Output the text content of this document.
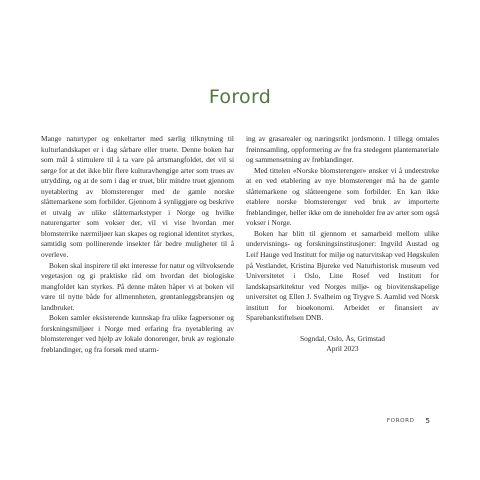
Forord

Mange naturtyper og enkeltarter med særlig tilknytning til kulturlandskapet er i dag sårbare eller truete. Denne boken har som mål å stimulere til å ta vare på artsmangfoldet, det vil si sørge for at det ikke blir flere kulturavhengige arter som trues av utrydding, og at de som i dag er truet, blir mindre truet gjennom nyetablering av blomsterenger med de gamle norske slåttemarkene som forbilder. Gjennom å synliggjøre og beskrive et utvalg av ulike slåttemarkstyper i Norge og hvilke naturengarter som vokser der, vil vi vise hvordan mer blomsterrike nærmiljøer kan skapes og regional identitet styrkes, samtidig som pollinerende insekter får bedre muligheter til å overleve.

Boken skal inspirere til økt interesse for natur og viltvoksende vegetasjon og gi praktiske råd om hvordan det biologiske mangfoldet kan styrkes. På denne måten håper vi at boken vil være til nytte både for allmennheten, grøntanleggsbransjen og landbruket.

Boken samler eksisterende kunnskap fra ulike fagpersoner og forskningsmiljøer i Norge med erfaring fra nyetablering av blomsterenger ved hjelp av lokale donorenger, bruk av regionale frøblandinger, og fra forsøk med utarm-

ing av grasarealer og næringsrikt jordsmonn. I tillegg omtales frøinnsamling, oppformering av frø fra stedegent plantemateriale og sammensetning av frøblandinger.

Med tittelen «Norske blomsterenger» ønsker vi å understreke at en ved etablering av nye blomsterenger må ha de gamle slåttemarkene og slåtteengene som forbilder. En kan ikke etablere norske blomsterenger ved bruk av importerte frøblandinger, heller ikke om de inneholder frø av arter som også vokser i Norge.

Boken har blitt til gjennom et samarbeid mellom ulike undervisnings- og forskningsinstitusjoner: Ingvild Austad og Leif Hauge ved Institutt for miljø og naturvitskap ved Høgskulen på Vestlandet, Kristina Bjureke ved Naturhistorisk museum ved Universitetet i Oslo, Line Rosef ved Institutt for landskapsarkitektur ved Norges miljø- og biovitenskapelige universitet og Ellen J. Svalheim og Trygve S. Aamlid ved Norsk institutt for bioøkonomi. Arbeidet er finansiert av Sparebankstiftelsen DNB.

Sogndal, Oslo, Ås, Grimstad
April 2023
FORORD 5
